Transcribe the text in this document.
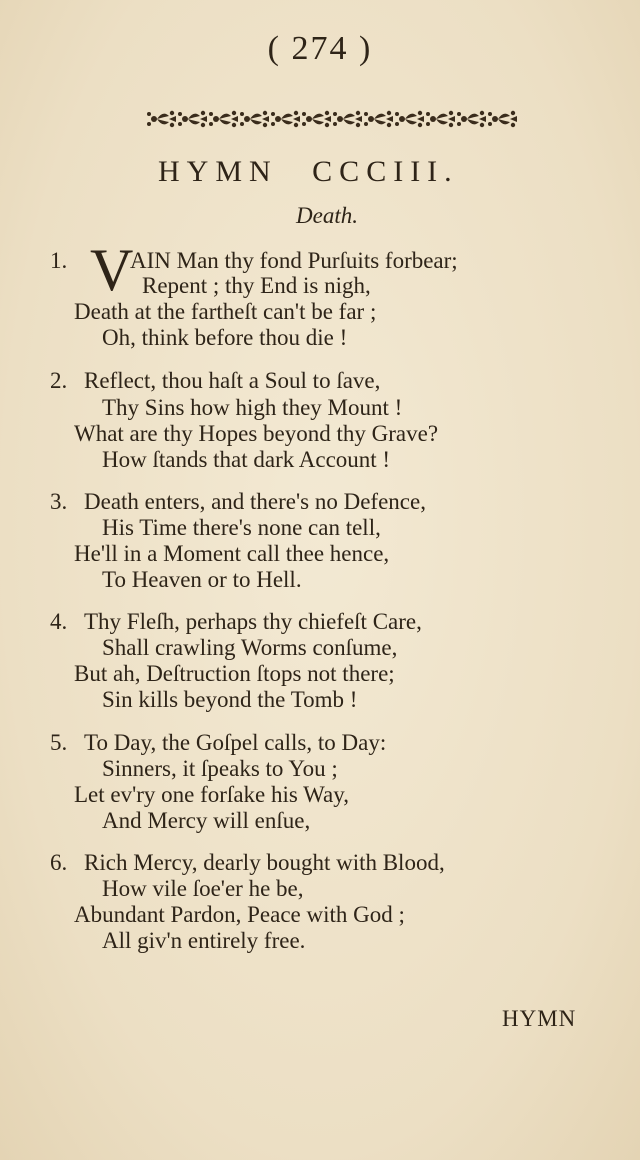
( 274 )
HYMN CCCIII.
Death.
1. V
AIN Man thy fond Purſuits forbear;
Repent ; thy End is nigh,
Death at the fartheſt can't be far ;
Oh, think before thou die !
2. Reflect, thou haſt a Soul to ſave,
Thy Sins how high they Mount !
What are thy Hopes beyond thy Grave?
How ſtands that dark Account !
3. Death enters, and there's no Defence,
His Time there's none can tell,
He'll in a Moment call thee hence,
To Heaven or to Hell.
4. Thy Fleſh, perhaps thy chiefeſt Care,
Shall crawling Worms conſume,
But ah, Deſtruction ſtops not there;
Sin kills beyond the Tomb !
5. To Day, the Goſpel calls, to Day:
Sinners, it ſpeaks to You ;
Let ev'ry one forſake his Way,
And Mercy will enſue,
6. Rich Mercy, dearly bought with Blood,
How vile ſoe'er he be,
Abundant Pardon, Peace with God ;
All giv'n entirely free.
HYMN
